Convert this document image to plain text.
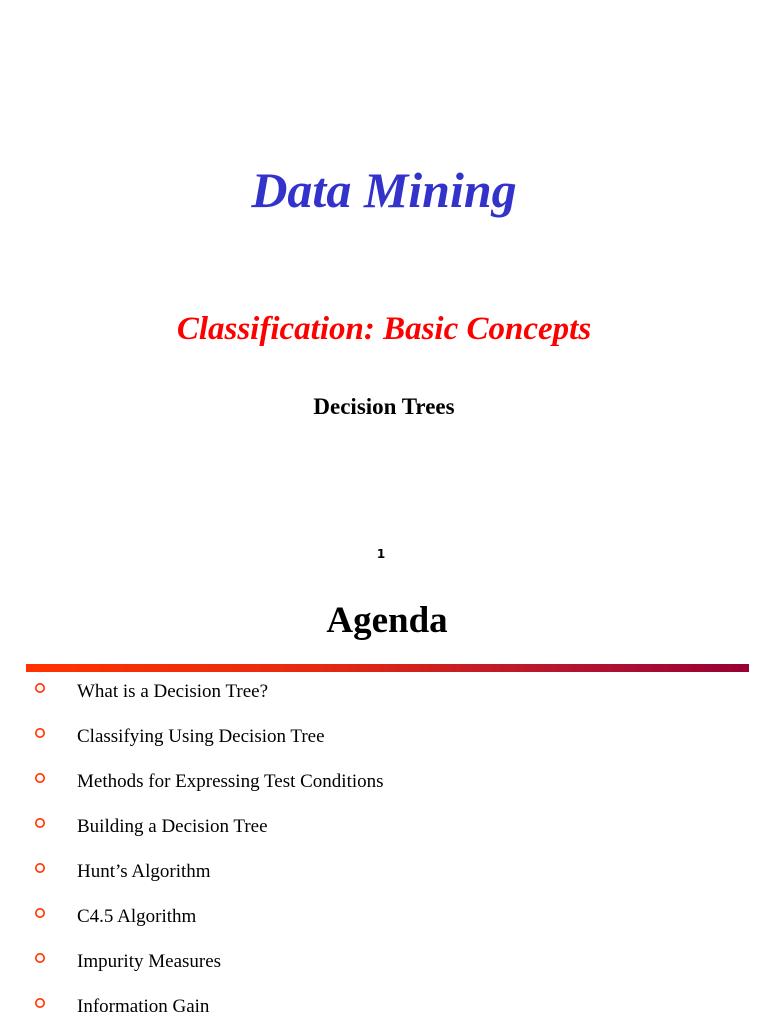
Data Mining
Classification: Basic Concepts
Decision Trees
1
Agenda
What is a Decision Tree?
Classifying Using Decision Tree
Methods for Expressing Test Conditions
Building a Decision Tree
Hunt’s Algorithm
C4.5 Algorithm
Impurity Measures
Information Gain
